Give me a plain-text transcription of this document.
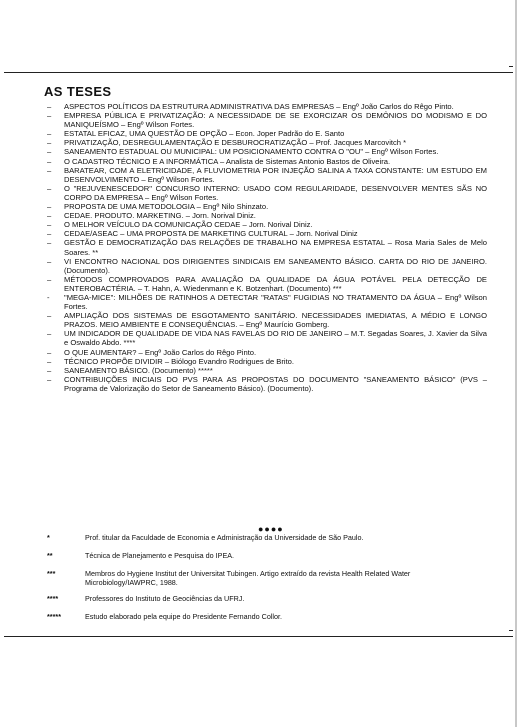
AS TESES
– ASPECTOS POLÍTICOS DA ESTRUTURA ADMINISTRATIVA DAS EMPRESAS – Engº João Carlos do Rêgo Pinto.
– EMPRESA PÚBLICA E PRIVATIZAÇÃO: A NECESSIDADE DE SE EXORCIZAR OS DEMÔNIOS DO MODISMO E DO MANIQUEÍSMO – Engº Wilson Fortes.
– ESTATAL EFICAZ, UMA QUESTÃO DE OPÇÃO – Econ. Joper Padrão do E. Santo
– PRIVATIZAÇÃO, DESREGULAMENTAÇÃO E DESBUROCRATIZAÇÃO – Prof. Jacques Marcovitch *
– SANEAMENTO ESTADUAL OU MUNICIPAL: UM POSICIONAMENTO CONTRA O "OU" – Engº Wilson Fortes.
– O CADASTRO TÉCNICO E A INFORMÁTICA – Analista de Sistemas Antonio Bastos de Oliveira.
– BARATEAR, COM A ELETRICIDADE, A FLUVIOMETRIA POR INJEÇÃO SALINA A TAXA CONSTANTE: UM ESTUDO EM DESENVOLVIMENTO – Engº Wilson Fortes.
– O "REJUVENESCEDOR" CONCURSO INTERNO: USADO COM REGULARIDADE, DESENVOLVER MENTES SÃS NO CORPO DA EMPRESA – Engº Wilson Fortes.
– PROPOSTA DE UMA METODOLOGIA – Engº Nilo Shinzato.
– CEDAE. PRODUTO. MARKETING. – Jorn. Norival Diniz.
– O MELHOR VEÍCULO DA COMUNICAÇÃO CEDAE – Jorn. Norival Diniz.
– CEDAE/ASEAC – UMA PROPOSTA DE MARKETING CULTURAL – Jorn. Norival Diniz
– GESTÃO E DEMOCRATIZAÇÃO DAS RELAÇÕES DE TRABALHO NA EMPRESA ESTATAL – Rosa Maria Sales de Melo Soares. **
– VI ENCONTRO NACIONAL DOS DIRIGENTES SINDICAIS EM SANEAMENTO BÁSICO. CARTA DO RIO DE JANEIRO. (Documento).
– MÉTODOS COMPROVADOS PARA AVALIAÇÃO DA QUALIDADE DA ÁGUA POTÁVEL PELA DETECÇÃO DE ENTEROBACTÉRIA. – T. Hahn, A. Wiedenmann e K. Botzenhart. (Documento) ***
- "MEGA-MICE": MILHÕES DE RATINHOS A DETECTAR "RATAS" FUGIDIAS NO TRATAMENTO DA ÁGUA – Engº Wilson Fortes.
– AMPLIAÇÃO DOS SISTEMAS DE ESGOTAMENTO SANITÁRIO. NECESSIDADES IMEDIATAS, A MÉDIO E LONGO PRAZOS. MEIO AMBIENTE E CONSEQUÊNCIAS. – Engº Maurício Gomberg.
– UM INDICADOR DE QUALIDADE DE VIDA NAS FAVELAS DO RIO DE JANEIRO – M.T. Segadas Soares, J. Xavier da Silva e Oswaldo Abdo. ****
– O QUE AUMENTAR? – Engº João Carlos do Rêgo Pinto.
– TÉCNICO PROPÕE DIVIDIR – Biólogo Evandro Rodrigues de Brito.
– SANEAMENTO BÁSICO. (Documento) *****
– CONTRIBUIÇÕES INICIAIS DO PVS PARA AS PROPOSTAS DO DOCUMENTO "SANEAMENTO BÁSICO" (PVS – Programa de Valorização do Setor de Saneamento Básico). (Documento).
●●●●
*	Prof. titular da Faculdade de Economia e Administração da Universidade de São Paulo.
**	Técnica de Planejamento e Pesquisa do IPEA.
***	Membros do Hygiene Institut der Universitat Tubingen. Artigo extraído da revista Health Related Water Microbiology/IAWPRC, 1988.
****	Professores do Instituto de Geociências da UFRJ.
*****	Estudo elaborado pela equipe do Presidente Fernando Collor.
